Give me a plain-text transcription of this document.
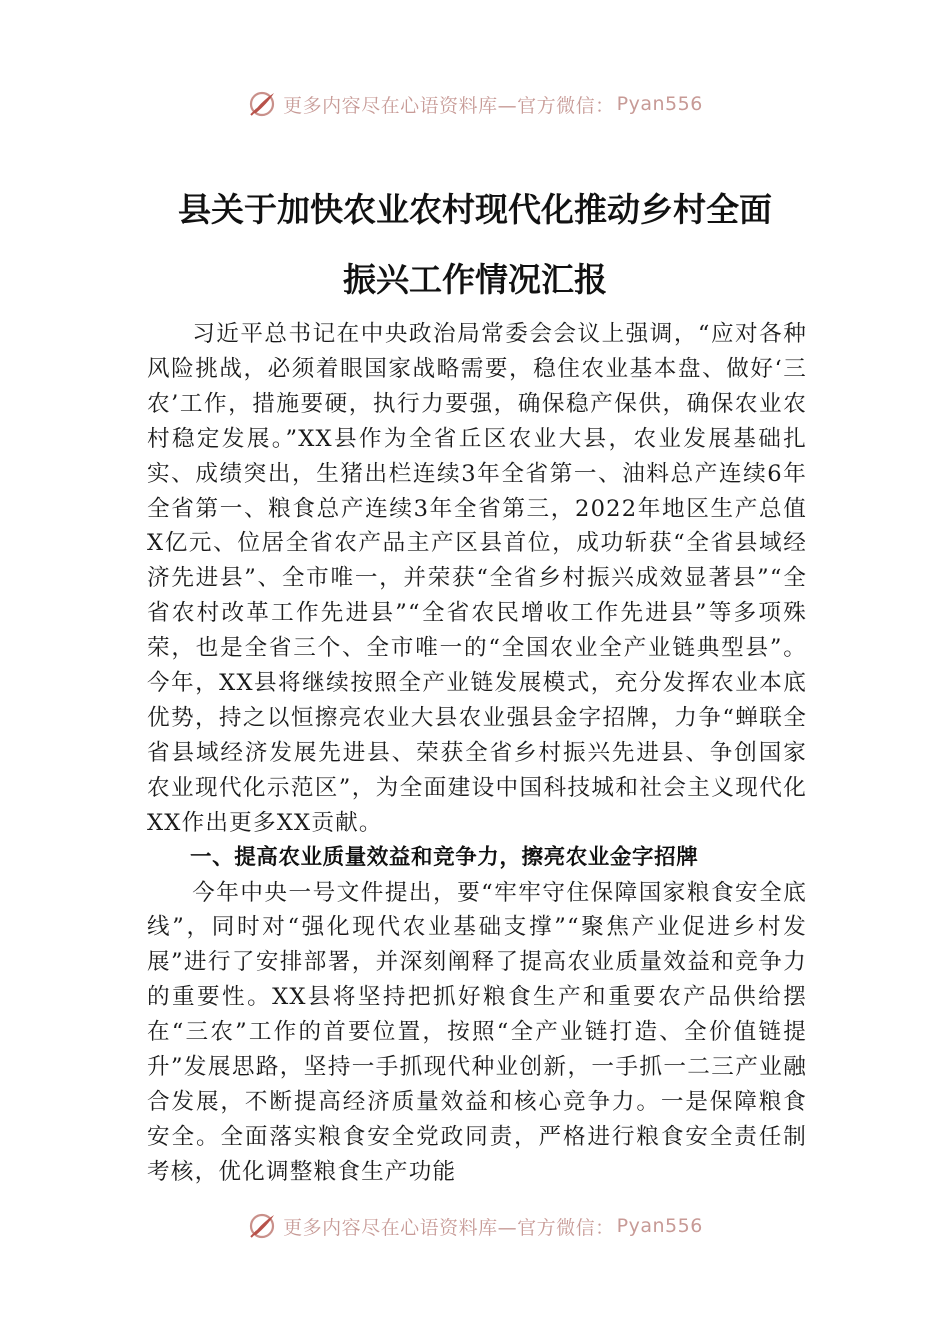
更多内容尽在心语资料库—官方微信： Pyan556
县关于加快农业农村现代化推动乡村全面
振兴工作情况汇报

习近平总书记在中央政治局常委会会议上强调，“应对各种风险挑战，必须着眼国家战略需要，稳住农业基本盘、做好‘三农’工作，措施要硬，执行力要强，确保稳产保供，确保农业农村稳定发展。”XX县作为全省丘区农业大县，农业发展基础扎实、成绩突出，生猪出栏连续3年全省第一、油料总产连续6年全省第一、粮食总产连续3年全省第三，2022年地区生产总值X亿元、位居全省农产品主产区县首位，成功斩获“全省县域经济先进县”、全市唯一，并荣获“全省乡村振兴成效显著县”“全省农村改革工作先进县”“全省农民增收工作先进县”等多项殊荣，也是全省三个、全市唯一的“全国农业全产业链典型县”。今年，XX县将继续按照全产业链发展模式，充分发挥农业本底优势，持之以恒擦亮农业大县农业强县金字招牌，力争“蝉联全省县域经济发展先进县、荣获全省乡村振兴先进县、争创国家农业现代化示范区”，为全面建设中国科技城和社会主义现代化XX作出更多XX贡献。

一、提高农业质量效益和竞争力，擦亮农业金字招牌

今年中央一号文件提出，要“牢牢守住保障国家粮食安全底线”，同时对“强化现代农业基础支撑”“聚焦产业促进乡村发展”进行了安排部署，并深刻阐释了提高农业质量效益和竞争力的重要性。XX县将坚持把抓好粮食生产和重要农产品供给摆在“三农”工作的首要位置，按照“全产业链打造、全价值链提升”发展思路，坚持一手抓现代种业创新，一手抓一二三产业融合发展，不断提高经济质量效益和核心竞争力。一是保障粮食安全。全面落实粮食安全党政同责，严格进行粮食安全责任制考核，优化调整粮食生产功能

更多内容尽在心语资料库—官方微信： Pyan556
